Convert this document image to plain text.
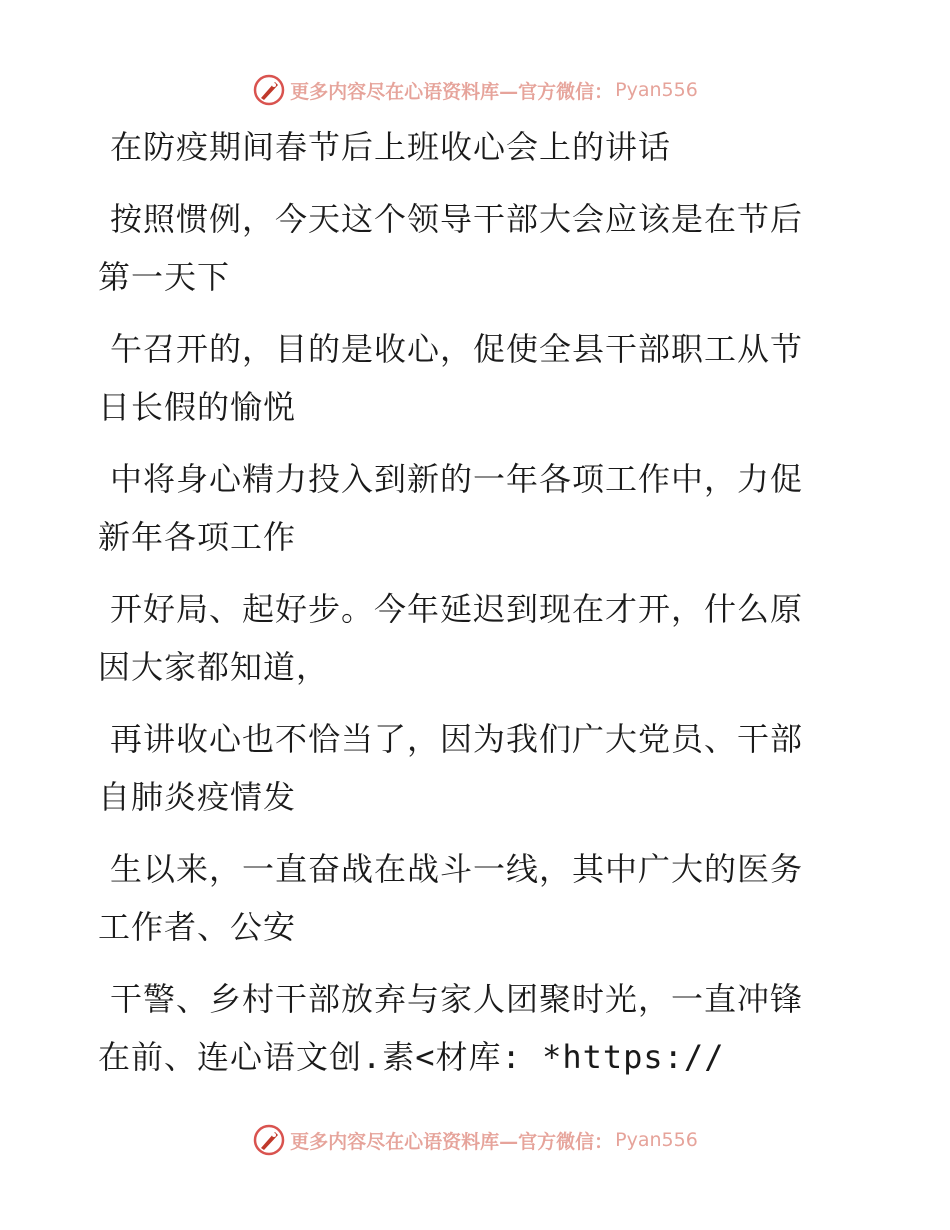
更多内容尽在心语资料库—官方微信： Pyan556
在防疫期间春节后上班收心会上的讲话
按照惯例，今天这个领导干部大会应该是在节后
第一天下
午召开的，目的是收心，促使全县干部职工从节
日长假的愉悦
中将身心精力投入到新的一年各项工作中，力促
新年各项工作
开好局、起好步。今年延迟到现在才开，什么原
因大家都知道，
再讲收心也不恰当了，因为我们广大党员、干部
自肺炎疫情发
生以来，一直奋战在战斗一线，其中广大的医务
工作者、公安
干警、乡村干部放弃与家人团聚时光，一直冲锋
在前、连心语文创.素<材库: *https://
更多内容尽在心语资料库—官方微信： Pyan556
